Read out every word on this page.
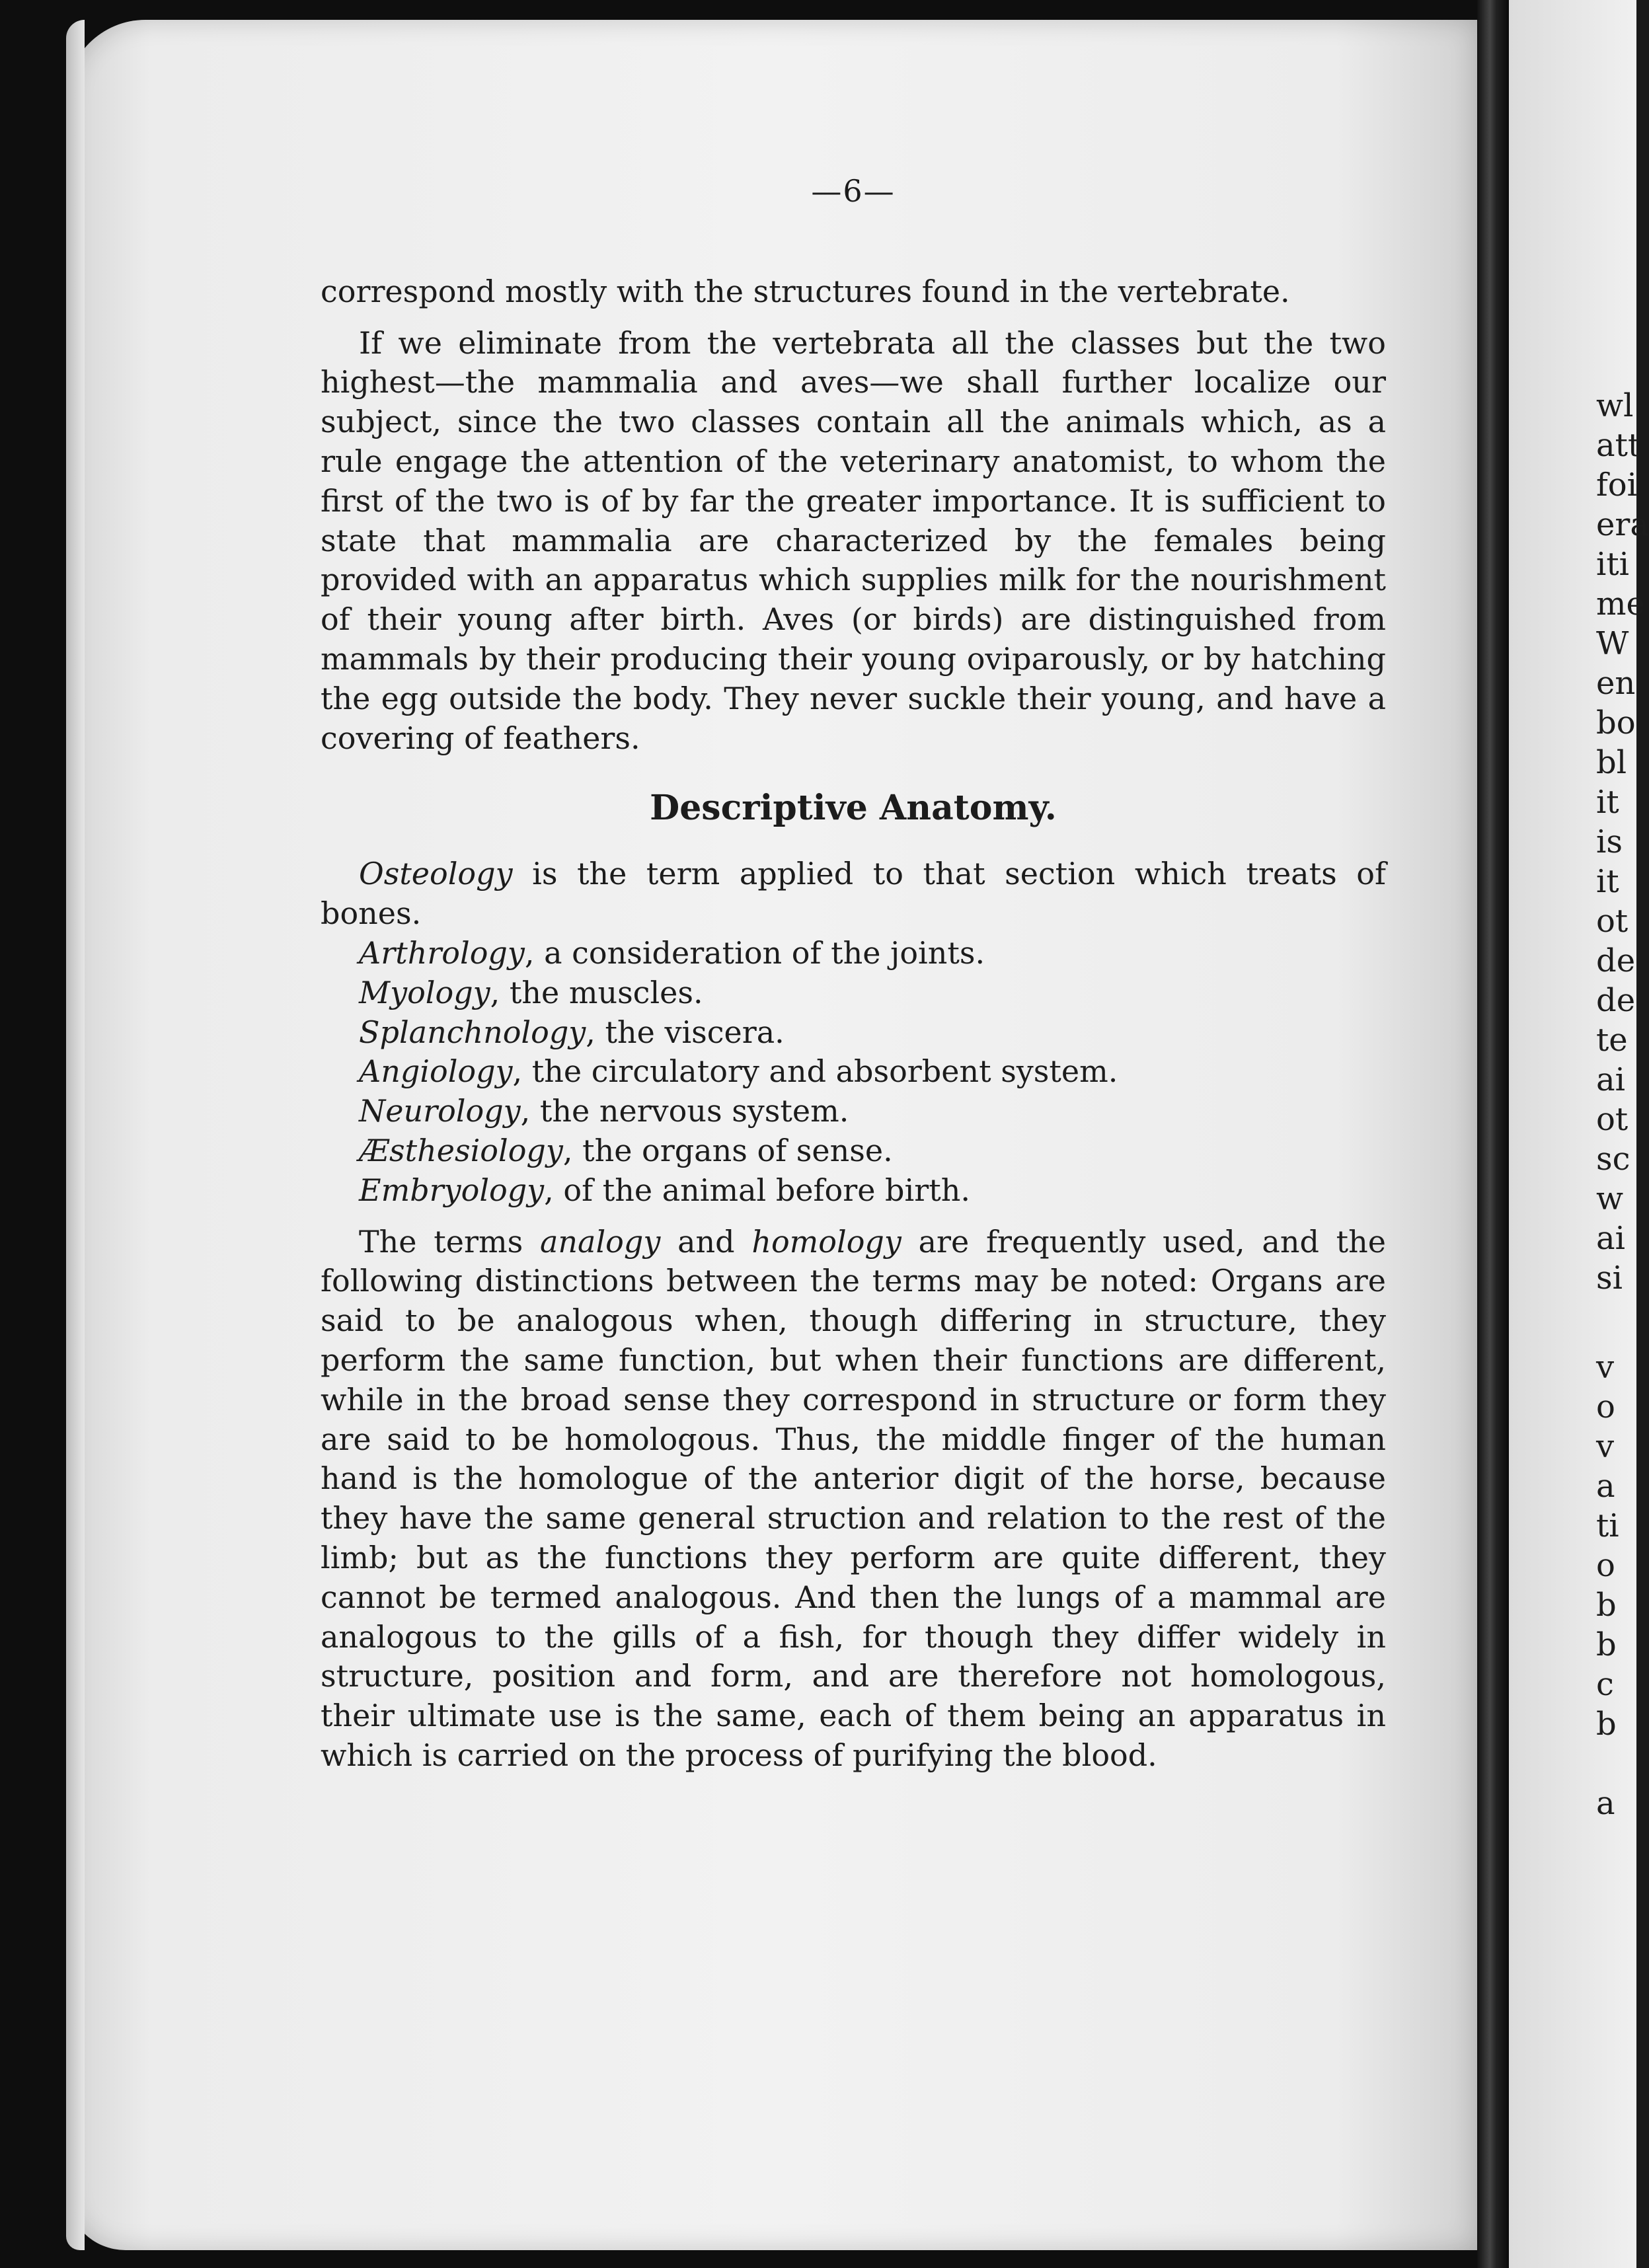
wl
att
foi
era
iti
me
W
en
bo
bl
it
is
it
ot
de
de
te
ai
ot
sc
w
ai
si
v
o
v
a
ti
o
b
b
c
b
a
—6—

correspond mostly with the structures found in the vertebrate.

If we eliminate from the vertebrata all the classes but the two highest—the mammalia and aves—we shall further localize our subject, since the two classes contain all the animals which, as a rule engage the attention of the veterinary anatomist, to whom the first of the two is of by far the greater importance. It is sufficient to state that mammalia are characterized by the females being provided with an apparatus which supplies milk for the nourishment of their young after birth. Aves (or birds) are distinguished from mammals by their producing their young oviparously, or by hatching the egg outside the body. They never suckle their young, and have a covering of feathers.

Descriptive Anatomy.

Osteology is the term applied to that section which treats of bones.

Arthrology, a consideration of the joints.
Myology, the muscles.
Splanchnology, the viscera.
Angiology, the circulatory and absorbent system.
Neurology, the nervous system.
Æsthesiology, the organs of sense.
Embryology, of the animal before birth.

The terms analogy and homology are frequently used, and the following distinctions between the terms may be noted: Organs are said to be analogous when, though differing in structure, they perform the same function, but when their functions are different, while in the broad sense they correspond in structure or form they are said to be homologous. Thus, the middle finger of the human hand is the homologue of the anterior digit of the horse, because they have the same general struction and relation to the rest of the limb; but as the functions they perform are quite different, they cannot be termed analogous. And then the lungs of a mammal are analogous to the gills of a fish, for though they differ widely in structure, position and form, and are therefore not homologous, their ultimate use is the same, each of them being an apparatus in which is carried on the process of purifying the blood.
